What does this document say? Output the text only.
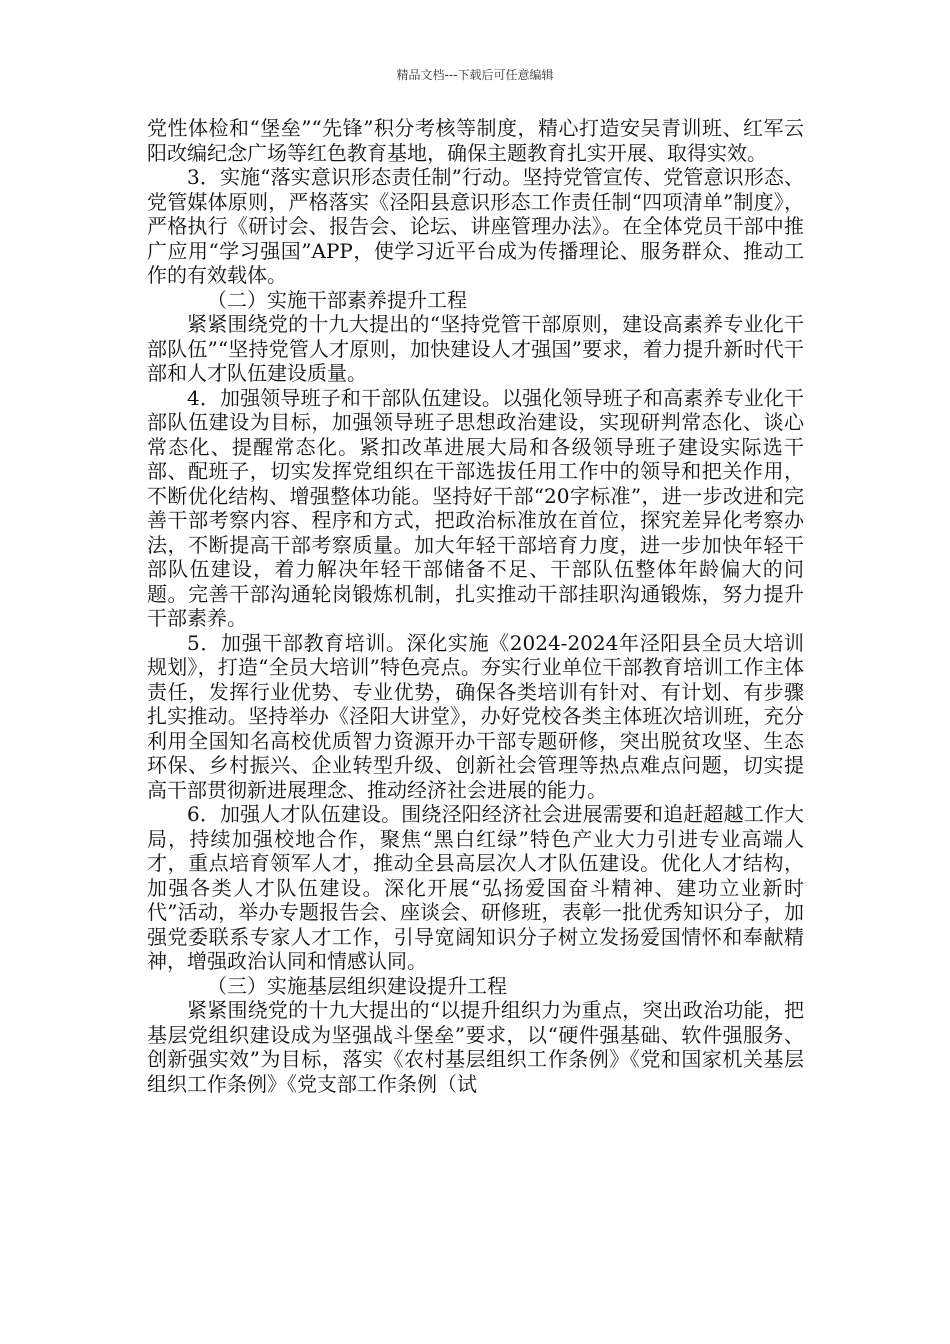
精品文档---下载后可任意编辑

党性体检和“堡垒”“先锋”积分考核等制度，精心打造安吴青训班、红军云阳改编纪念广场等红色教育基地，确保主题教育扎实开展、取得实效。

3．实施“落实意识形态责任制”行动。坚持党管宣传、党管意识形态、党管媒体原则，严格落实《泾阳县意识形态工作责任制“四项清单”制度》，严格执行《研讨会、报告会、论坛、讲座管理办法》。在全体党员干部中推广应用“学习强国”APP，使学习近平台成为传播理论、服务群众、推动工作的有效载体。

（二）实施干部素养提升工程

紧紧围绕党的十九大提出的“坚持党管干部原则，建设高素养专业化干部队伍”“坚持党管人才原则，加快建设人才强国”要求，着力提升新时代干部和人才队伍建设质量。

4．加强领导班子和干部队伍建设。以强化领导班子和高素养专业化干部队伍建设为目标，加强领导班子思想政治建设，实现研判常态化、谈心常态化、提醒常态化。紧扣改革进展大局和各级领导班子建设实际选干部、配班子，切实发挥党组织在干部选拔任用工作中的领导和把关作用，不断优化结构、增强整体功能。坚持好干部“20字标准”，进一步改进和完善干部考察内容、程序和方式，把政治标准放在首位，探究差异化考察办法，不断提高干部考察质量。加大年轻干部培育力度，进一步加快年轻干部队伍建设，着力解决年轻干部储备不足、干部队伍整体年龄偏大的问题。完善干部沟通轮岗锻炼机制，扎实推动干部挂职沟通锻炼，努力提升干部素养。

5．加强干部教育培训。深化实施《2024-2024年泾阳县全员大培训规划》，打造“全员大培训”特色亮点。夯实行业单位干部教育培训工作主体责任，发挥行业优势、专业优势，确保各类培训有针对、有计划、有步骤扎实推动。坚持举办《泾阳大讲堂》，办好党校各类主体班次培训班，充分利用全国知名高校优质智力资源开办干部专题研修，突出脱贫攻坚、生态环保、乡村振兴、企业转型升级、创新社会管理等热点难点问题，切实提高干部贯彻新进展理念、推动经济社会进展的能力。

6．加强人才队伍建设。围绕泾阳经济社会进展需要和追赶超越工作大局，持续加强校地合作，聚焦“黑白红绿”特色产业大力引进专业高端人才，重点培育领军人才，推动全县高层次人才队伍建设。优化人才结构，加强各类人才队伍建设。深化开展“弘扬爱国奋斗精神、建功立业新时代”活动，举办专题报告会、座谈会、研修班，表彰一批优秀知识分子，加强党委联系专家人才工作，引导宽阔知识分子树立发扬爱国情怀和奉献精神，增强政治认同和情感认同。

（三）实施基层组织建设提升工程

紧紧围绕党的十九大提出的“以提升组织力为重点，突出政治功能，把基层党组织建设成为坚强战斗堡垒”要求，以“硬件强基础、软件强服务、创新强实效”为目标，落实《农村基层组织工作条例》《党和国家机关基层组织工作条例》《党支部工作条例（试
